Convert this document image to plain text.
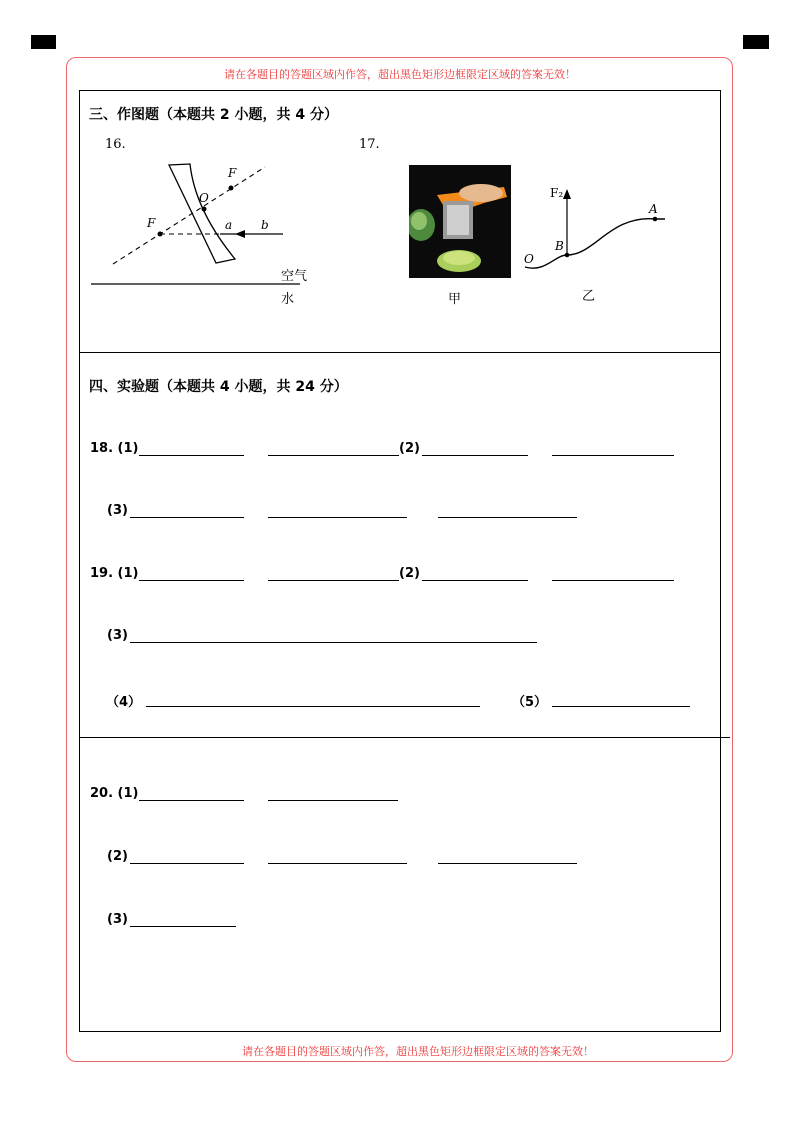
请在各题目的答题区域内作答，超出黑色矩形边框限定区域的答案无效！
请在各题目的答题区域内作答，超出黑色矩形边框限定区域的答案无效！
三、作图题（本题共 2 小题，共 4 分）
16.
F
O
F	a b
空气
水
17.
F₂
A
B
O
甲	乙
四、实验题（本题共 4 小题，共 24 分）
18. (1)	(2)
(3)
19. (1)	(2)
(3)
（4）	（5）
20. (1)
(2)
(3)
